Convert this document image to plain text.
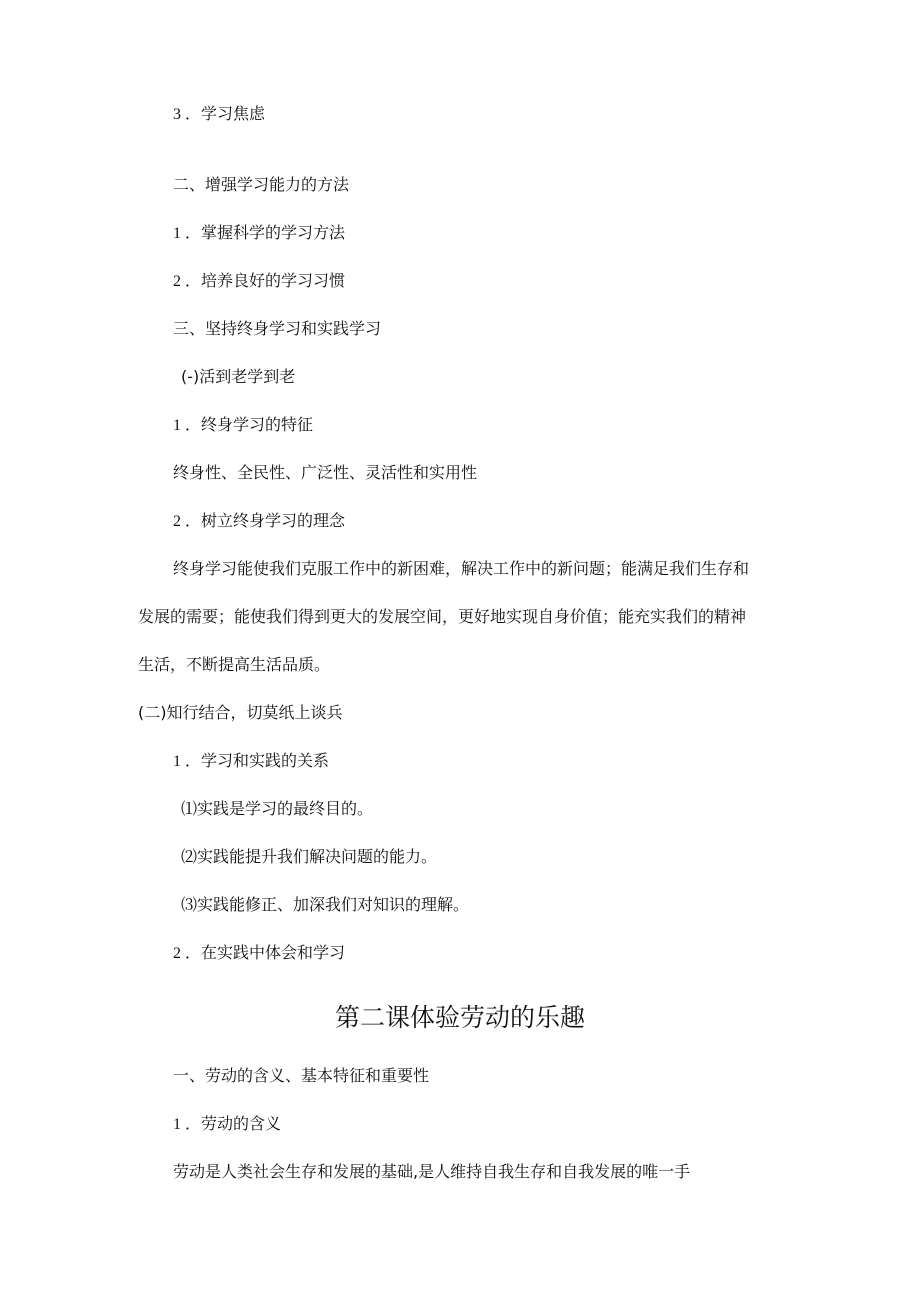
3 ．学习焦虑
二、增强学习能力的方法
1 ．掌握科学的学习方法
2 ．培养良好的学习习惯
三、坚持终身学习和实践学习
(-)活到老学到老
1 ．终身学习的特征
终身性、全民性、广泛性、灵活性和实用性
2 ．树立终身学习的理念
终身学习能使我们克服工作中的新困难，解决工作中的新问题；能满足我们生存和
发展的需要；能使我们得到更大的发展空间，更好地实现自身价值；能充实我们的精神
生活，不断提高生活品质。
(二)知行结合，切莫纸上谈兵
1 ．学习和实践的关系
⑴实践是学习的最终目的。
⑵实践能提升我们解决问题的能力。
⑶实践能修正、加深我们对知识的理解。
2 ．在实践中体会和学习
第二课体验劳动的乐趣
一、劳动的含义、基本特征和重要性
1 ．劳动的含义
劳动是人类社会生存和发展的基础,是人维持自我生存和自我发展的唯一手
